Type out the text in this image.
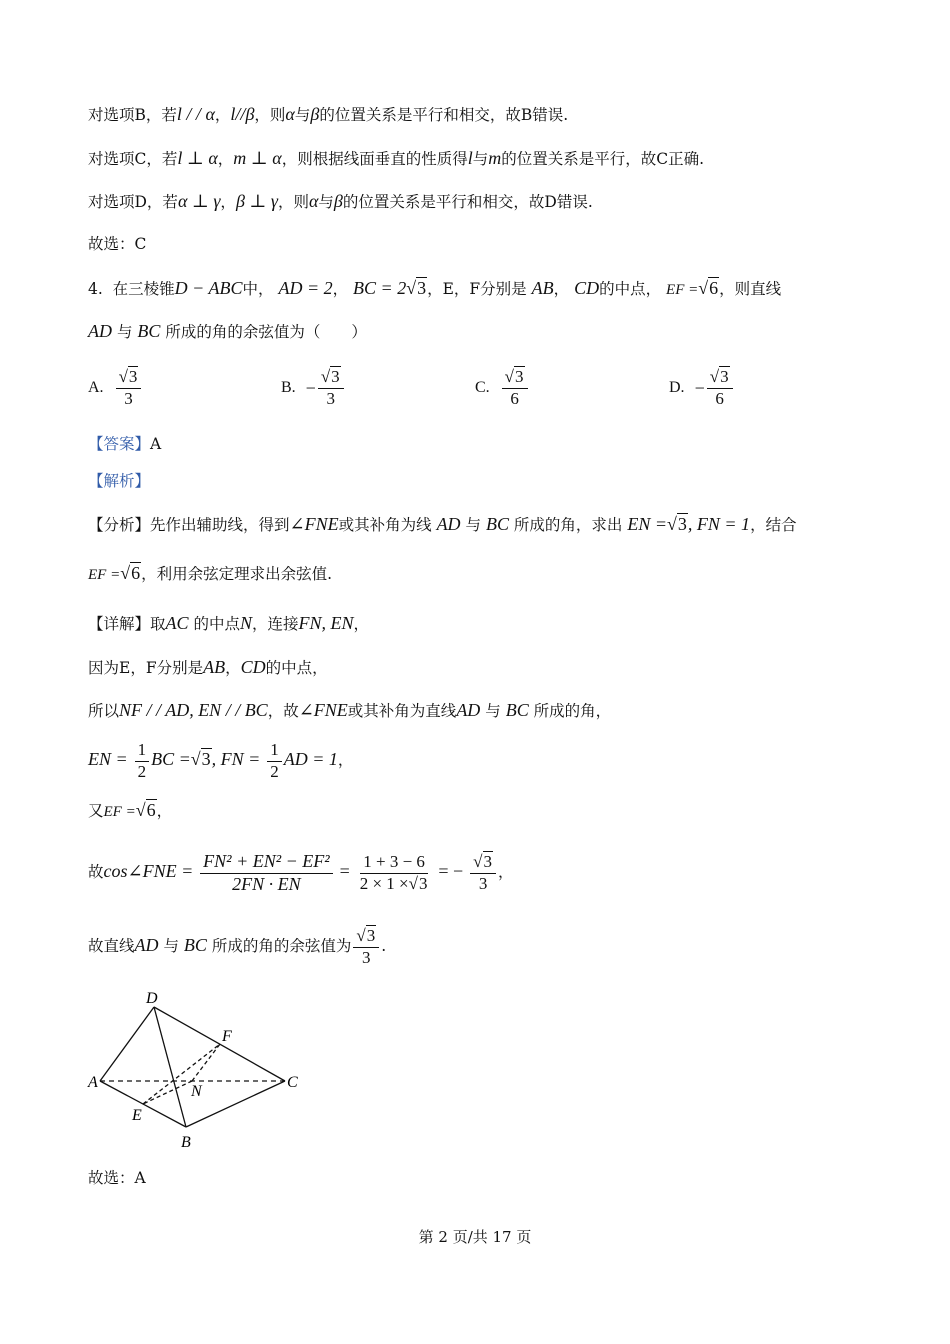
对选项B，若l / / α，l//β，则α与β的位置关系是平行和相交，故B错误.
对选项C，若l ⊥ α，m ⊥ α，则根据线面垂直的性质得l与m的位置关系是平行，故C正确.
对选项D，若α ⊥ γ，β ⊥ γ，则α与β的位置关系是平行和相交，故D错误.
故选：C
4. 在三棱锥D − ABC中， AD = 2， BC = 2√3，E，F分别是 AB， CD的中点， EF =√6，则直线
AD 与 BC 所成的角的余弦值为（　　）
A. $\frac{√3}{3}$	B. − $\frac{√3}{3}$	C. $\frac{√3}{6}$	D. − $\frac{√3}{6}$
【答案】A
【解析】
【分析】先作出辅助线，得到∠FNE或其补角为线 AD 与 BC 所成的角，求出 EN =√3, FN = 1，结合
EF =√6，利用余弦定理求出余弦值.
【详解】取AC 的中点N，连接FN, EN，
因为E，F分别是AB，CD的中点，
所以NF / / AD, EN / / BC，故∠FNE或其补角为直线AD 与 BC 所成的角，
EN = $\frac{1}{2}$ BC =√3, FN = $\frac{1}{2}$ AD = 1，
又EF =√6，
故cos∠FNE = $\frac{\text{FN² + EN² − EF²}}{2FN \cdot EN} = \frac{1 + 3 - 6}{2 \times 1 \times√3}$ = − $\frac{√3}{3}$ ，
故直线AD 与 BC 所成的角的余弦值为 $\frac{√3}{3}$ .
D
F
A
N
C
E
B
故选：A
第 2 页/共 17 页
